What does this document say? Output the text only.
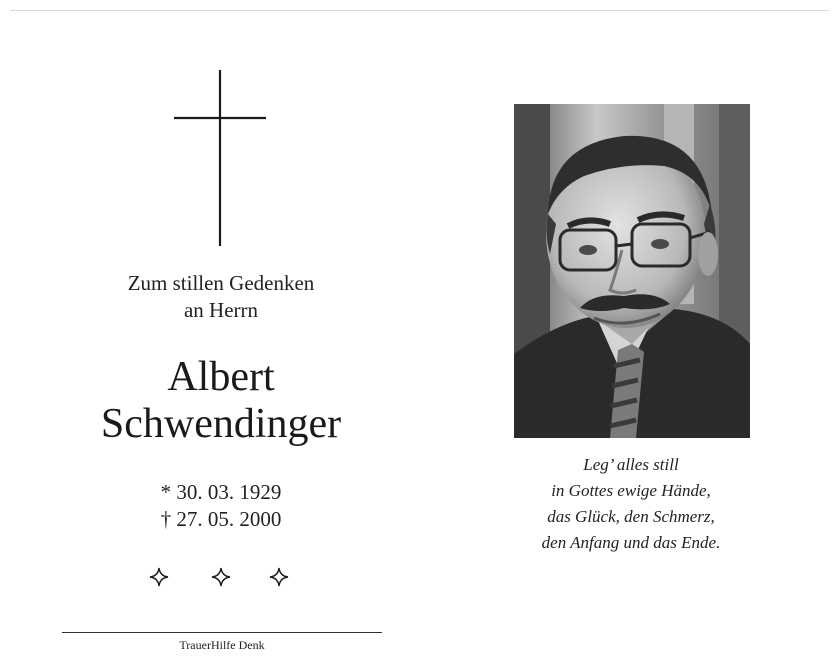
Zum stillen Gedenken
an Herrn
Albert
Schwendinger
* 30. 03. 1929
† 27. 05. 2000
TrauerHilfe Denk
Leg’ alles still
in Gottes ewige Hände,
das Glück, den Schmerz,
den Anfang und das Ende.
